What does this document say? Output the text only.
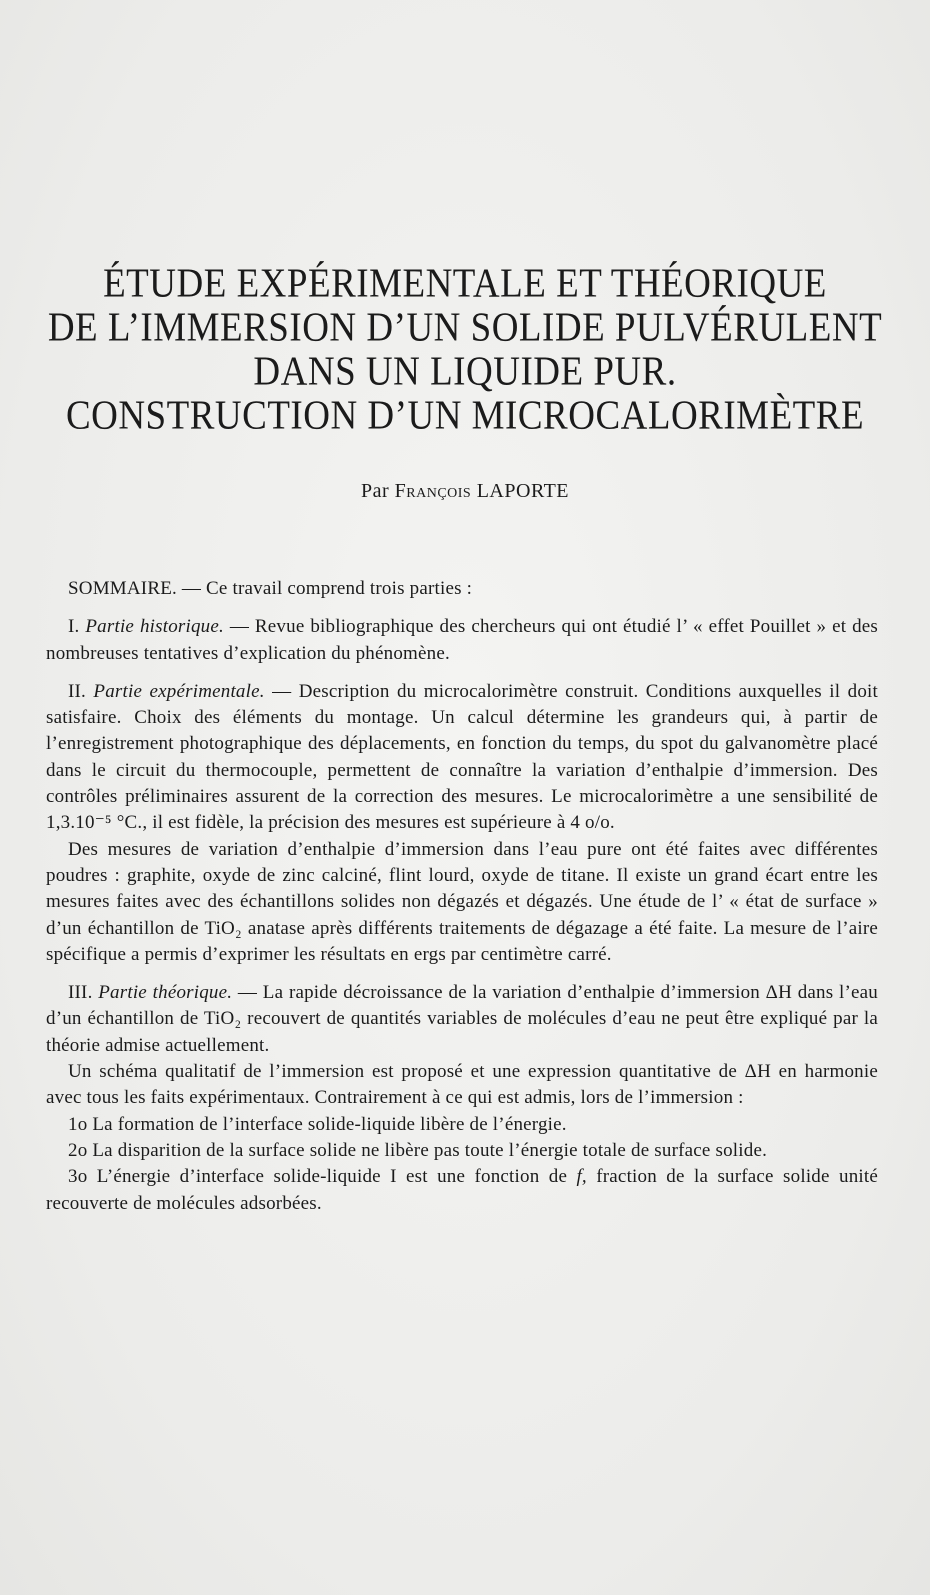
ÉTUDE EXPÉRIMENTALE ET THÉORIQUE
DE L’IMMERSION D’UN SOLIDE PULVÉRULENT
DANS UN LIQUIDE PUR.
CONSTRUCTION D’UN MICROCALORIMÈTRE
Par François LAPORTE

SOMMAIRE. — Ce travail comprend trois parties :

I. Partie historique. — Revue bibliographique des chercheurs qui ont étudié l’ « effet Pouillet » et des nombreuses tentatives d’explication du phénomène.

II. Partie expérimentale. — Description du microcalorimètre construit. Conditions auxquelles il doit satisfaire. Choix des éléments du montage. Un calcul détermine les grandeurs qui, à partir de l’enregistrement photographique des déplacements, en fonction du temps, du spot du galvanomètre placé dans le circuit du thermocouple, permettent de connaître la variation d’enthalpie d’immersion. Des contrôles préliminaires assurent de la correction des mesures. Le microcalorimètre a une sensibilité de 1,3.10⁻⁵ °C., il est fidèle, la précision des mesures est supérieure à 4 o/o.

Des mesures de variation d’enthalpie d’immersion dans l’eau pure ont été faites avec différentes poudres : graphite, oxyde de zinc calciné, flint lourd, oxyde de titane. Il existe un grand écart entre les mesures faites avec des échantillons solides non dégazés et dégazés. Une étude de l’ « état de surface » d’un échantillon de TiO₂ anatase après différents traitements de dégazage a été faite. La mesure de l’aire spécifique a permis d’exprimer les résultats en ergs par centimètre carré.

III. Partie théorique. — La rapide décroissance de la variation d’enthalpie d’immersion ΔH dans l’eau d’un échantillon de TiO₂ recouvert de quantités variables de molécules d’eau ne peut être expliqué par la théorie admise actuellement.

Un schéma qualitatif de l’immersion est proposé et une expression quantitative de ΔH en harmonie avec tous les faits expérimentaux. Contrairement à ce qui est admis, lors de l’immersion :

1o La formation de l’interface solide-liquide libère de l’énergie.

2o La disparition de la surface solide ne libère pas toute l’énergie totale de surface solide.

3o L’énergie d’interface solide-liquide I est une fonction de f, fraction de la surface solide unité recouverte de molécules adsorbées.
